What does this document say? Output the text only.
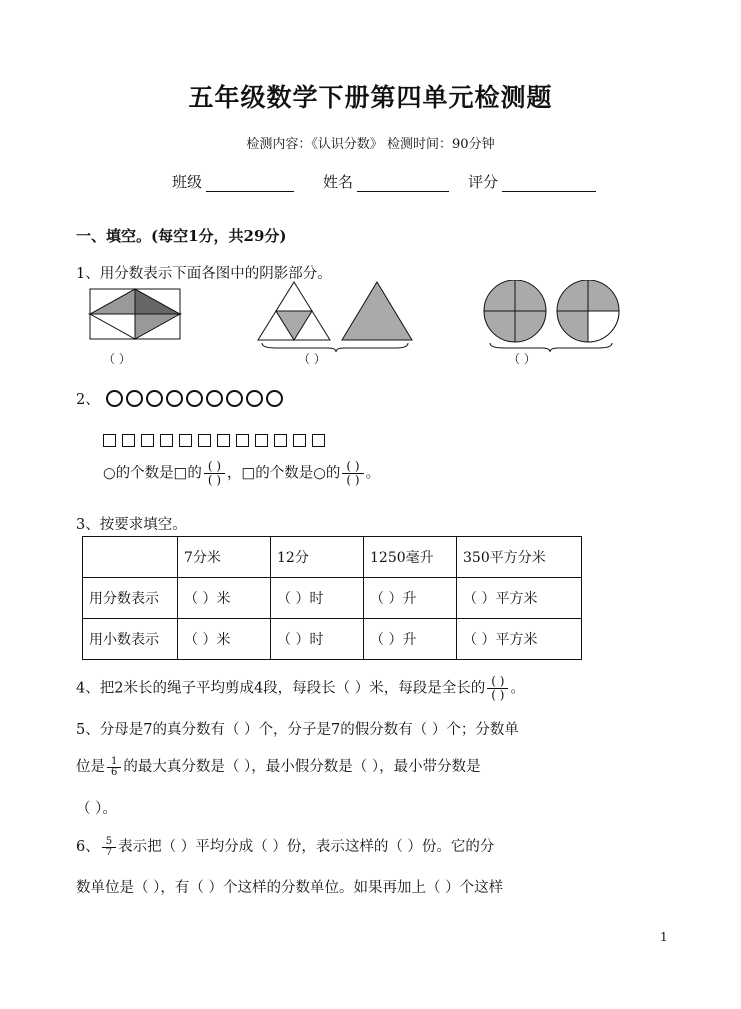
五年级数学下册第四单元检测题
检测内容：《认识分数》 检测时间：90分钟
班级	姓名	评分
一、填空。(每空1分，共29分)
1、用分数表示下面各图中的阴影部分。
（ ）	（ ）	（ ）
2、
○的个数是□的 $\frac{( )}{( )}$ ，□的个数是○的 $\frac{( )}{( )}$ 。
3、按要求填空。
	7分米	12分	1250毫升	350平方分米
用分数表示	（ ）米	（ ）时	（ ）升	（ ）平方米
用小数表示	（ ）米	（ ）时	（ ）升	（ ）平方米
4、把2米长的绳子平均剪成4段，每段长（ ）米，每段是全长的 $\frac{( )}{( )}$ 。
5、分母是7的真分数有（ ）个，分子是7的假分数有（ ）个；分数单
位是 $\frac{1}{6}$ 的最大真分数是（ ），最小假分数是（ ），最小带分数是
（ ）。
6、 $\frac{5}{7}$ 表示把（ ）平均分成（ ）份，表示这样的（ ）份。它的分
数单位是（ ），有（ ）个这样的分数单位。如果再加上（ ）个这样
1
